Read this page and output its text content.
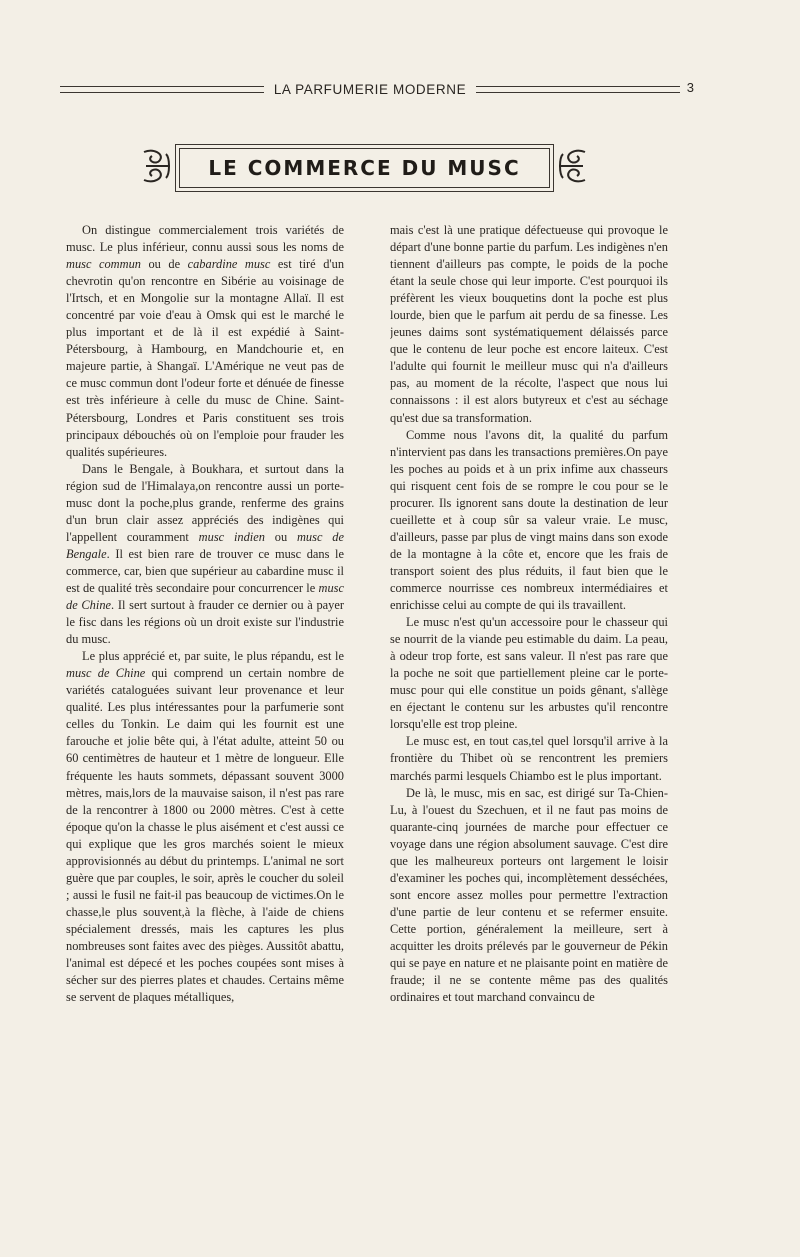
LA PARFUMERIE MODERNE	3
LE COMMERCE DU MUSC

On distingue commercialement trois variétés de musc. Le plus inférieur, connu aussi sous les noms de musc commun ou de cabardine musc est tiré d'un chevrotin qu'on rencontre en Sibérie au voisinage de l'Irtsch, et en Mongolie sur la montagne Allaï. Il est concentré par voie d'eau à Omsk qui est le marché le plus important et de là il est expédié à Saint-Pétersbourg, à Hambourg, en Mandchourie et, en majeure partie, à Shangaï. L'Amérique ne veut pas de ce musc commun dont l'odeur forte et dénuée de finesse est très inférieure à celle du musc de Chine. Saint-Pétersbourg, Londres et Paris constituent ses trois principaux débouchés où on l'emploie pour frauder les qualités supérieures.

Dans le Bengale, à Boukhara, et surtout dans la région sud de l'Himalaya,on rencontre aussi un porte-musc dont la poche,plus grande, renferme des grains d'un brun clair assez appréciés des indigènes qui l'appellent couramment musc indien ou musc de Bengale. Il est bien rare de trouver ce musc dans le commerce, car, bien que supérieur au cabardine musc il est de qualité très secondaire pour concurrencer le musc de Chine. Il sert surtout à frauder ce dernier ou à payer le fisc dans les régions où un droit existe sur l'industrie du musc.

Le plus apprécié et, par suite, le plus répandu, est le musc de Chine qui comprend un certain nombre de variétés cataloguées suivant leur provenance et leur qualité. Les plus intéressantes pour la parfumerie sont celles du Tonkin. Le daim qui les fournit est une farouche et jolie bête qui, à l'état adulte, atteint 50 ou 60 centimètres de hauteur et 1 mètre de longueur. Elle fréquente les hauts sommets, dépassant souvent 3000 mètres, mais,lors de la mauvaise saison, il n'est pas rare de la rencontrer à 1800 ou 2000 mètres. C'est à cette époque qu'on la chasse le plus aisément et c'est aussi ce qui explique que les gros marchés soient le mieux approvisionnés au début du printemps. L'animal ne sort guère que par couples, le soir, après le coucher du soleil ; aussi le fusil ne fait-il pas beaucoup de victimes.On le chasse,le plus souvent,à la flèche, à l'aide de chiens spécialement dressés, mais les captures les plus nombreuses sont faites avec des pièges. Aussitôt abattu, l'animal est dépecé et les poches coupées sont mises à sécher sur des pierres plates et chaudes. Certains même se servent de plaques métalliques,

mais c'est là une pratique défectueuse qui provoque le départ d'une bonne partie du parfum. Les indigènes n'en tiennent d'ailleurs pas compte, le poids de la poche étant la seule chose qui leur importe. C'est pourquoi ils préfèrent les vieux bouquetins dont la poche est plus lourde, bien que le parfum ait perdu de sa finesse. Les jeunes daims sont systématiquement délaissés parce que le contenu de leur poche est encore laiteux. C'est l'adulte qui fournit le meilleur musc qui n'a d'ailleurs pas, au moment de la récolte, l'aspect que nous lui connaissons : il est alors butyreux et c'est au séchage qu'est due sa transformation.

Comme nous l'avons dit, la qualité du parfum n'intervient pas dans les transactions premières.On paye les poches au poids et à un prix infime aux chasseurs qui risquent cent fois de se rompre le cou pour se le procurer. Ils ignorent sans doute la destination de leur cueillette et à coup sûr sa valeur vraie. Le musc, d'ailleurs, passe par plus de vingt mains dans son exode de la montagne à la côte et, encore que les frais de transport soient des plus réduits, il faut bien que le commerce nourrisse ces nombreux intermédiaires et enrichisse celui au compte de qui ils travaillent.

Le musc n'est qu'un accessoire pour le chasseur qui se nourrit de la viande peu estimable du daim. La peau, à odeur trop forte, est sans valeur. Il n'est pas rare que la poche ne soit que partiellement pleine car le porte-musc pour qui elle constitue un poids gênant, s'allège en éjectant le contenu sur les arbustes qu'il rencontre lorsqu'elle est trop pleine.

Le musc est, en tout cas,tel quel lorsqu'il arrive à la frontière du Thibet où se rencontrent les premiers marchés parmi lesquels Chiambo est le plus important.

De là, le musc, mis en sac, est dirigé sur Ta-Chien-Lu, à l'ouest du Szechuen, et il ne faut pas moins de quarante-cinq journées de marche pour effectuer ce voyage dans une région absolument sauvage. C'est dire que les malheureux porteurs ont largement le loisir d'examiner les poches qui, incomplètement desséchées, sont encore assez molles pour permettre l'extraction d'une partie de leur contenu et se refermer ensuite. Cette portion, généralement la meilleure, sert à acquitter les droits prélevés par le gouverneur de Pékin qui se paye en nature et ne plaisante point en matière de fraude; il ne se contente même pas des qualités ordinaires et tout marchand convaincu de
